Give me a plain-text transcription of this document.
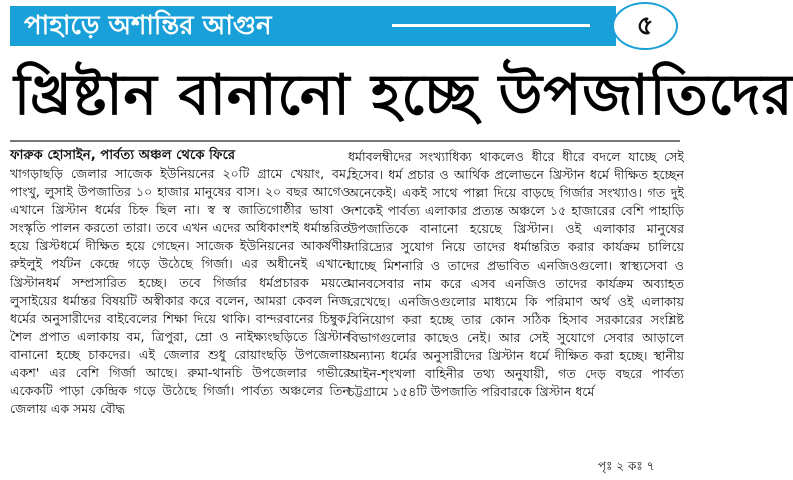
পাহাড়ে অশান্তির আগুন	৫
খ্রিষ্টান বানানো হচ্ছে উপজাতিদের
ফারুক হোসাইন, পার্বত্য অঞ্চল থেকে ফিরে
খাগড়াছড়ি জেলার সাজেক ইউনিয়নের ২০টি গ্রামে খেয়াং, বম, পাংখু, লুসাই উপজাতির ১০ হাজার মানুষের বাস। ২০ বছর আগেও এখানে খ্রিস্টান ধর্মের চিহ্ন ছিল না। স্ব স্ব জাতিগোষ্ঠীর ভাষা ও সংস্কৃতি পালন করতো তারা। তবে এখন এদের অধিকাংশই ধর্মান্তরিত হয়ে খ্রিস্টধর্মে দীক্ষিত হয়ে গেছেন। সাজেক ইউনিয়নের আকর্ষণীয় রুইলুই পর্যটন কেন্দ্রে গড়ে উঠেছে গির্জা। এর অধীনেই এখানে খ্রিস্টানধর্ম সম্প্রসারিত হচ্ছে। তবে গির্জার ধর্মপ্রচারক ময়তে লুসাইয়ের ধর্মান্তর বিষয়টি অস্বীকার করে বলেন, আমরা কেবল নিজ ধর্মের অনুসারীদের বাইবেলের শিক্ষা দিয়ে থাকি। বান্দরবানের চিম্বুক, শৈল প্রপাত এলাকায় বম, ত্রিপুরা, ম্রো ও নাইক্ষ্যংছড়িতে খ্রিস্টান বানানো হচ্ছে চাকদের। এই জেলার শুধু রোয়াংছড়ি উপজেলায় একশ' এর বেশি গির্জা আছে। রুমা-থানচি উপজেলার গভীরে একেকটি পাড়া কেন্দ্রিক গড়ে উঠেছে গির্জা। পার্বত্য অঞ্চলের তিন জেলায় এক সময় বৌদ্ধ
ধর্মাবলম্বীদের সংখ্যাধিক্য থাকলেও ধীরে ধীরে বদলে যাচ্ছে সেই হিসেব। ধর্ম প্রচার ও আর্থিক প্রলোভনে খ্রিস্টান ধর্মে দীক্ষিত হচ্ছেন অনেকেই। একই সাথে পাল্লা দিয়ে বাড়ছে গির্জার সংখ্যাও। গত দুই দশকেই পার্বত্য এলাকার প্রত্যন্ত অঞ্চলে ১৫ হাজারের বেশি পাহাড়ি উপজাতিকে বানানো হয়েছে খ্রিস্টান। ওই এলাকার মানুষের দারিদ্র্যের সুযোগ নিয়ে তাদের ধর্মান্তরিত করার কার্যক্রম চালিয়ে যাচ্ছে মিশনারি ও তাদের প্রভাবিত এনজিওগুলো। স্বাস্থ্যসেবা ও মানবসেবার নাম করে এসব এনজিও তাদের কার্যক্রম অব্যাহত রেখেছে। এনজিওগুলোর মাধ্যমে কি পরিমাণ অর্থ ওই এলাকায় বিনিয়োগ করা হচ্ছে তার কোন সঠিক হিসাব সরকারের সংশ্লিষ্ট বিভাগগুলোর কাছেও নেই। আর সেই সুযোগে সেবার আড়ালে অন্যান্য ধর্মের অনুসারীদের খ্রিস্টান ধর্মে দীক্ষিত করা হচ্ছে। স্থানীয় আইন-শৃংখলা বাহিনীর তথ্য অনুযায়ী, গত দেড় বছরে পার্বত্য চট্টগ্রামে ১৫৪টি উপজাতি পরিবারকে খ্রিস্টান ধর্মে
পৃঃ ২ কঃ ৭
